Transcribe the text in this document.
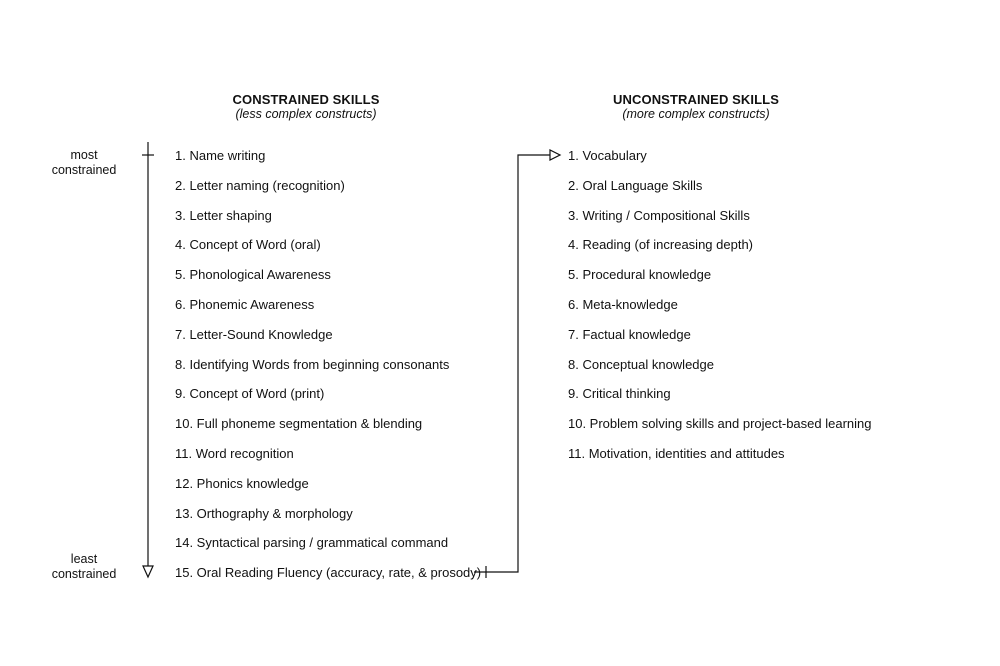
CONSTRAINED SKILLS
(less complex constructs)
UNCONSTRAINED SKILLS
(more complex constructs)
most
constrained
least
constrained
1. Name writing
2. Letter naming (recognition)
3. Letter shaping
4. Concept of Word (oral)
5. Phonological Awareness
6. Phonemic Awareness
7. Letter-Sound Knowledge
8. Identifying Words from beginning consonants
9. Concept of Word (print)
10. Full phoneme segmentation & blending
11. Word recognition
12. Phonics knowledge
13. Orthography & morphology
14. Syntactical parsing / grammatical command
15. Oral Reading Fluency (accuracy, rate, & prosody)
1. Vocabulary
2. Oral Language Skills
3. Writing / Compositional Skills
4. Reading (of increasing depth)
5. Procedural knowledge
6. Meta-knowledge
7. Factual knowledge
8. Conceptual knowledge
9. Critical thinking
10. Problem solving skills and project-based learning
11. Motivation, identities and attitudes
